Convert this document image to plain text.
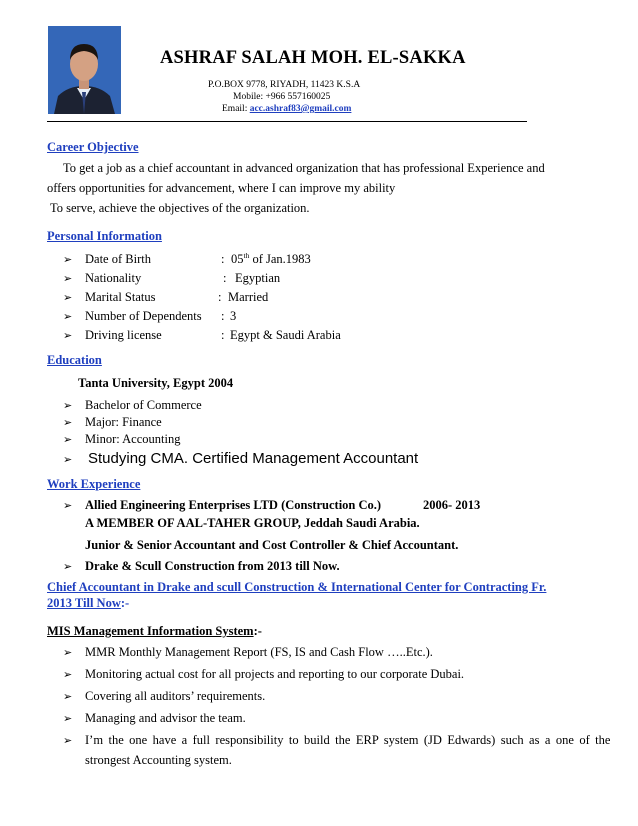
ASHRAF SALAH MOH. EL-SAKKA
P.O.BOX 9778, RIYADH, 11423 K.S.A
Mobile: +966 557160025
Email: acc.ashraf83@gmail.com
Career Objective
To get a job as a chief accountant in advanced organization that has professional Experience and
offers opportunities for advancement, where I can improve my ability
To serve, achieve the objectives of the organization.
Personal Information
➢ Date of Birth	: 05th of Jan.1983
➢ Nationality	: Egyptian
➢ Marital Status	: Married
➢ Number of Dependents : 3
➢ Driving license	: Egypt & Saudi Arabia
Education
Tanta University, Egypt 2004
➢ Bachelor of Commerce
➢ Major: Finance
➢ Minor: Accounting
➢ Studying CMA. Certified Management Accountant
Work Experience
➢ Allied Engineering Enterprises LTD (Construction Co.)	2006- 2013
A MEMBER OF AAL-TAHER GROUP, Jeddah Saudi Arabia.
Junior & Senior Accountant and Cost Controller & Chief Accountant.
➢ Drake & Scull Construction from 2013 till Now.
Chief Accountant in Drake and scull Construction & International Center for Contracting Fr.
2013 Till Now:-
MIS Management Information System:-
➢ MMR Monthly Management Report (FS, IS and Cash Flow …..Etc.).
➢ Monitoring actual cost for all projects and reporting to our corporate Dubai.
➢ Covering all auditors’ requirements.
➢ Managing and advisor the team.
➢ I’m the one have a full responsibility to build the ERP system (JD Edwards) such as a one of the
strongest Accounting system.
